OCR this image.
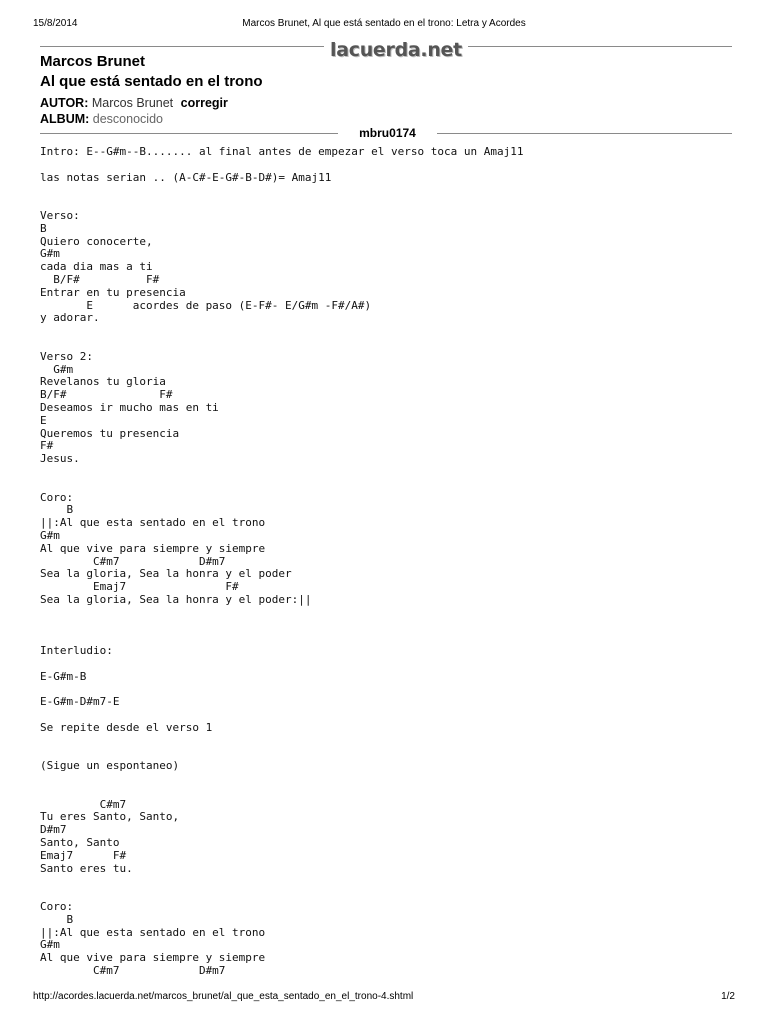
15/8/2014	Marcos Brunet, Al que está sentado en el trono: Letra y Acordes
lacuerda.net
Marcos Brunet
Al que está sentado en el trono
AUTOR: Marcos Brunet corregir
ALBUM: desconocido
mbru0174
Intro: E--G#m--B....... al final antes de empezar el verso toca un Amaj11

las notas serian .. (A-C#-E-G#-B-D#)= Amaj11

Verso:
B
Quiero conocerte,
G#m
cada dia mas a ti
B/F#          F#
Entrar en tu presencia
E      acordes de paso (E-F#- E/G#m -F#/A#)
y adorar.

Verso 2:
G#m
Revelanos tu gloria
B/F#              F#
Deseamos ir mucho mas en ti
E
Queremos tu presencia
F#
Jesus.

Coro:
B
||:Al que esta sentado en el trono
G#m
Al que vive para siempre y siempre
C#m7            D#m7
Sea la gloria, Sea la honra y el poder
Emaj7               F#
Sea la gloria, Sea la honra y el poder:||

Interludio:

E-G#m-B

E-G#m-D#m7-E

Se repite desde el verso 1

(Sigue un espontaneo)

C#m7
Tu eres Santo, Santo,
D#m7
Santo, Santo
Emaj7      F#
Santo eres tu.

Coro:
B
||:Al que esta sentado en el trono
G#m
Al que vive para siempre y siempre
C#m7            D#m7
http://acordes.lacuerda.net/marcos_brunet/al_que_esta_sentado_en_el_trono-4.shtml	1/2
